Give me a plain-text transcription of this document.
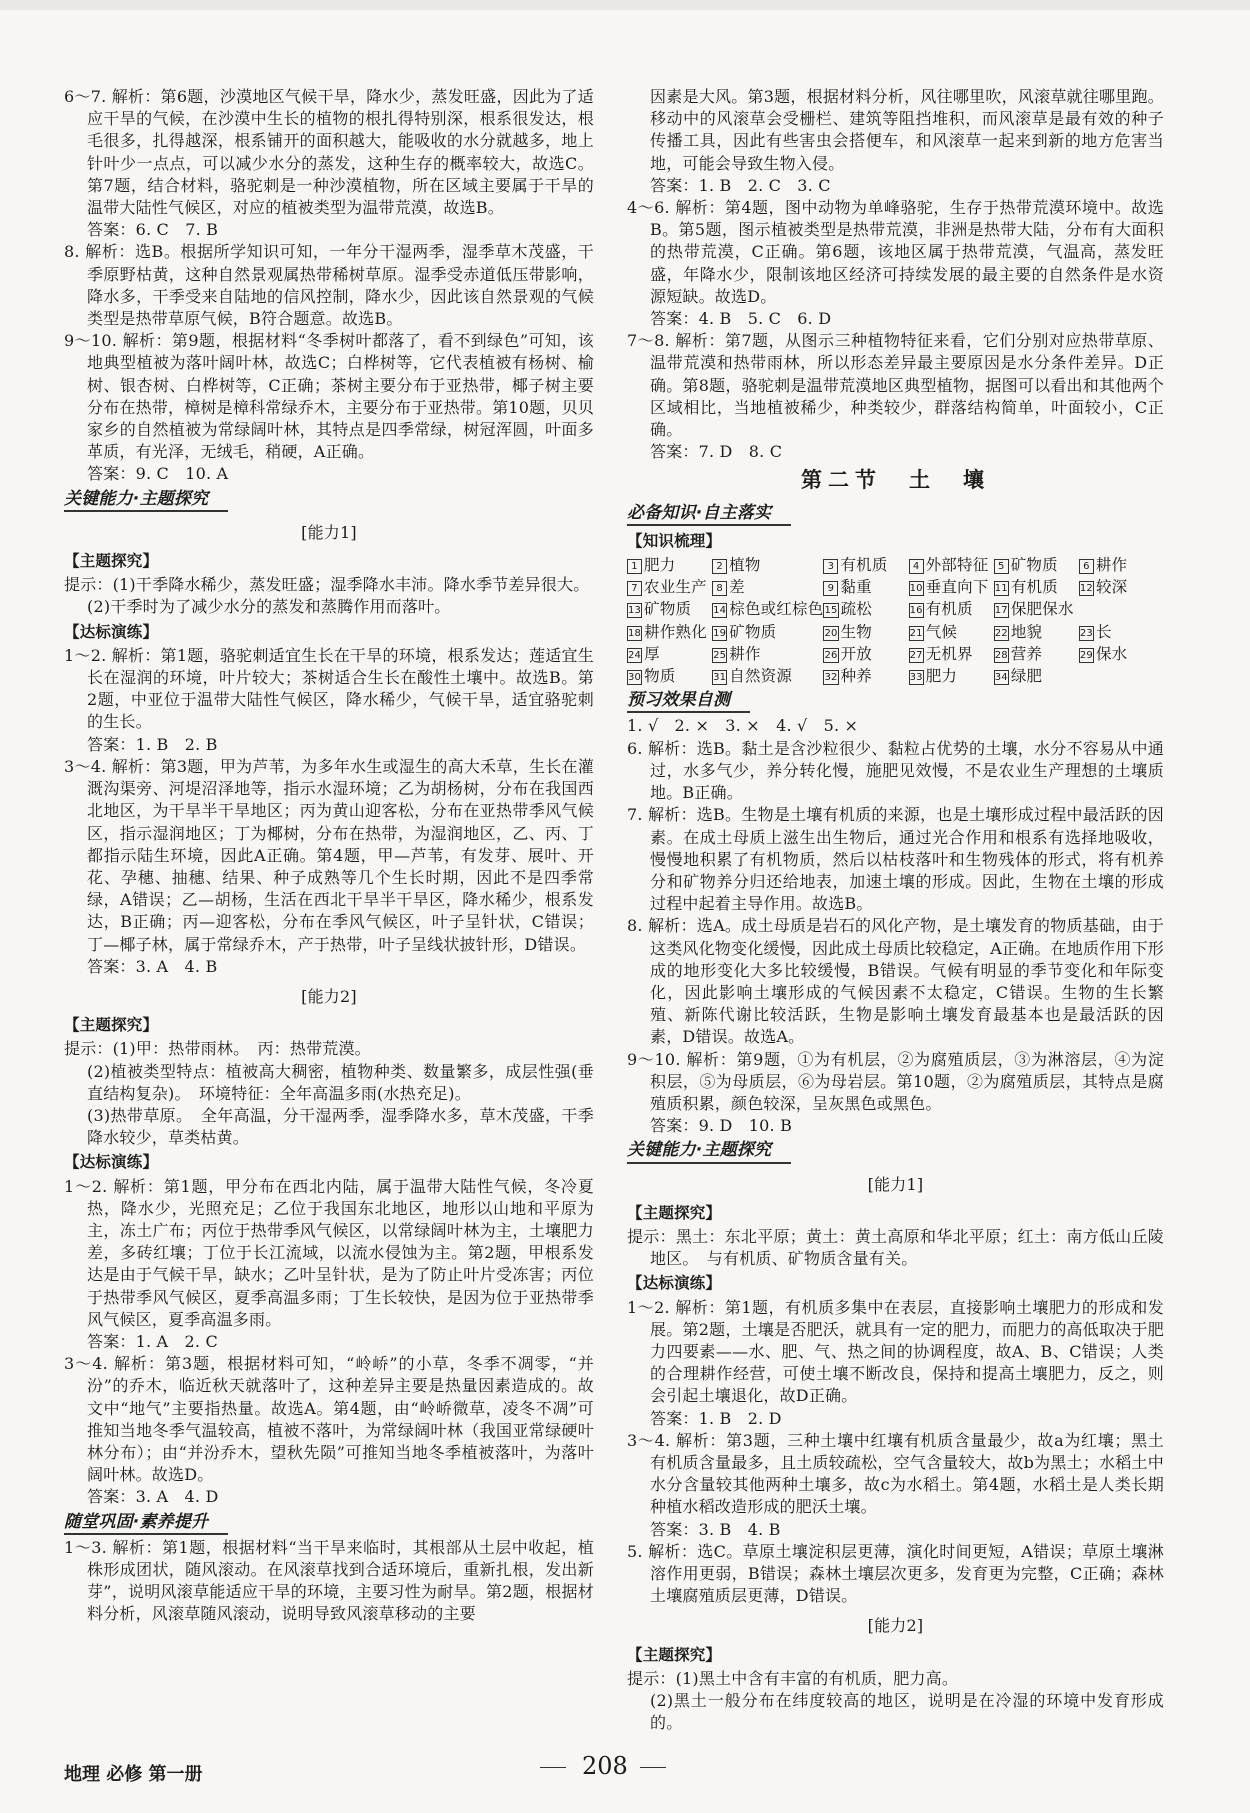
6～7. 解析：第6题，沙漠地区气候干旱，降水少，蒸发旺盛，因此为了适应干旱的气候，在沙漠中生长的植物的根扎得特别深，根系很发达，根毛很多，扎得越深，根系铺开的面积越大，能吸收的水分就越多，地上针叶少一点点，可以减少水分的蒸发，这种生存的概率较大，故选C。第7题，结合材料，骆驼刺是一种沙漠植物，所在区域主要属于干旱的温带大陆性气候区，对应的植被类型为温带荒漠，故选B。
答案：6. C　7. B
8. 解析：选B。根据所学知识可知，一年分干湿两季，湿季草木茂盛，干季原野枯黄，这种自然景观属热带稀树草原。湿季受赤道低压带影响，降水多，干季受来自陆地的信风控制，降水少，因此该自然景观的气候类型是热带草原气候，B符合题意。故选B。
9～10. 解析：第9题，根据材料“冬季树叶都落了，看不到绿色”可知，该地典型植被为落叶阔叶林，故选C；白桦树等，它代表植被有杨树、榆树、银杏树、白桦树等，C正确；茶树主要分布于亚热带，椰子树主要分布在热带，樟树是樟科常绿乔木，主要分布于亚热带。第10题，贝贝家乡的自然植被为常绿阔叶林，其特点是四季常绿，树冠浑圆，叶面多革质，有光泽，无绒毛，稍硬，A正确。
答案：9. C　10. A
关键能力·主题探究
[能力1]
【主题探究】
提示：(1)干季降水稀少，蒸发旺盛；湿季降水丰沛。降水季节差异很大。
(2)干季时为了减少水分的蒸发和蒸腾作用而落叶。
【达标演练】
1～2. 解析：第1题，骆驼刺适宜生长在干旱的环境，根系发达；莲适宜生长在湿润的环境，叶片较大；茶树适合生长在酸性土壤中。故选B。第2题，中亚位于温带大陆性气候区，降水稀少，气候干旱，适宜骆驼刺的生长。
答案：1. B　2. B
3～4. 解析：第3题，甲为芦苇，为多年水生或湿生的高大禾草，生长在灌溉沟渠旁、河堤沼泽地等，指示水湿环境；乙为胡杨树，分布在我国西北地区，为干旱半干旱地区；丙为黄山迎客松，分布在亚热带季风气候区，指示湿润地区；丁为椰树，分布在热带，为湿润地区，乙、丙、丁都指示陆生环境，因此A正确。第4题，甲—芦苇，有发芽、展叶、开花、孕穗、抽穗、结果、种子成熟等几个生长时期，因此不是四季常绿，A错误；乙—胡杨，生活在西北干旱半干旱区，降水稀少，根系发达，B正确；丙—迎客松，分布在季风气候区，叶子呈针状，C错误；丁—椰子林，属于常绿乔木，产于热带，叶子呈线状披针形，D错误。
答案：3. A　4. B
[能力2]
【主题探究】
提示：(1)甲：热带雨林。　丙：热带荒漠。
(2)植被类型特点：植被高大稠密，植物种类、数量繁多，成层性强(垂直结构复杂)。　环境特征：全年高温多雨(水热充足)。
(3)热带草原。　全年高温，分干湿两季，湿季降水多，草木茂盛，干季降水较少，草类枯黄。
【达标演练】
1～2. 解析：第1题，甲分布在西北内陆，属于温带大陆性气候，冬冷夏热，降水少，光照充足；乙位于我国东北地区，地形以山地和平原为主，冻土广布；丙位于热带季风气候区，以常绿阔叶林为主，土壤肥力差，多砖红壤；丁位于长江流域，以流水侵蚀为主。第2题，甲根系发达是由于气候干旱，缺水；乙叶呈针状，是为了防止叶片受冻害；丙位于热带季风气候区，夏季高温多雨；丁生长较快，是因为位于亚热带季风气候区，夏季高温多雨。
答案：1. A　2. C
3～4. 解析：第3题，根据材料可知，“岭峤”的小草，冬季不凋零，“并汾”的乔木，临近秋天就落叶了，这种差异主要是热量因素造成的。故文中“地气”主要指热量。故选A。第4题，由“岭峤微草，凌冬不凋”可推知当地冬季气温较高，植被不落叶，为常绿阔叶林（我国亚常绿硬叶林分布）；由“并汾乔木，望秋先陨”可推知当地冬季植被落叶，为落叶阔叶林。故选D。
答案：3. A　4. D
随堂巩固·素养提升
1～3. 解析：第1题，根据材料“当干旱来临时，其根部从土层中收起，植株形成团状，随风滚动。在风滚草找到合适环境后，重新扎根，发出新芽”，说明风滚草能适应干旱的环境，主要习性为耐旱。第2题，根据材料分析，风滚草随风滚动，说明导致风滚草移动的主要
因素是大风。第3题，根据材料分析，风往哪里吹，风滚草就往哪里跑。移动中的风滚草会受栅栏、建筑等阻挡堆积，而风滚草是最有效的种子传播工具，因此有些害虫会搭便车，和风滚草一起来到新的地方危害当地，可能会导致生物入侵。
答案：1. B　2. C　3. C
4～6. 解析：第4题，图中动物为单峰骆驼，生存于热带荒漠环境中。故选B。第5题，图示植被类型是热带荒漠，非洲是热带大陆，分布有大面积的热带荒漠，C正确。第6题，该地区属于热带荒漠，气温高，蒸发旺盛，年降水少，限制该地区经济可持续发展的最主要的自然条件是水资源短缺。故选D。
答案：4. B　5. C　6. D
7～8. 解析：第7题，从图示三种植物特征来看，它们分别对应热带草原、温带荒漠和热带雨林，所以形态差异最主要原因是水分条件差异。D正确。第8题，骆驼刺是温带荒漠地区典型植物，据图可以看出和其他两个区域相比，当地植被稀少，种类较少，群落结构简单，叶面较小，C正确。
答案：7. D　8. C
第二节　土　壤
必备知识·自主落实
【知识梳理】
1 肥力	2 植物	3 有机质	4 外部特征 5 矿物质	6 耕作
7 农业生产 8 差	9 黏重	10 垂直向下 11 有机质	12 较深
13 矿物质	14 棕色或红棕色 15 疏松	16 有机质	17 保肥保水
18 耕作熟化 19 矿物质	20 生物	21 气候	22 地貌	23 长
24 厚	25 耕作	26 开放	27 无机界	28 营养	29 保水
30 物质	31 自然资源	32 种养	33 肥力	34 绿肥
预习效果自测
1. √　2. ×　3. ×　4. √　5. ×
6. 解析：选B。黏土是含沙粒很少、黏粒占优势的土壤，水分不容易从中通过，水多气少，养分转化慢，施肥见效慢，不是农业生产理想的土壤质地。B正确。
7. 解析：选B。生物是土壤有机质的来源，也是土壤形成过程中最活跃的因素。在成土母质上滋生出生物后，通过光合作用和根系有选择地吸收，慢慢地积累了有机物质，然后以枯枝落叶和生物残体的形式，将有机养分和矿物养分归还给地表，加速土壤的形成。因此，生物在土壤的形成过程中起着主导作用。故选B。
8. 解析：选A。成土母质是岩石的风化产物，是土壤发育的物质基础，由于这类风化物变化缓慢，因此成土母质比较稳定，A正确。在地质作用下形成的地形变化大多比较缓慢，B错误。气候有明显的季节变化和年际变化，因此影响土壤形成的气候因素不太稳定，C错误。生物的生长繁殖、新陈代谢比较活跃，生物是影响土壤发育最基本也是最活跃的因素，D错误。故选A。
9～10. 解析：第9题，①为有机层，②为腐殖质层，③为淋溶层，④为淀积层，⑤为母质层，⑥为母岩层。第10题，②为腐殖质层，其特点是腐殖质积累，颜色较深，呈灰黑色或黑色。
答案：9. D　10. B
关键能力·主题探究
[能力1]
【主题探究】
提示：黑土：东北平原；黄土：黄土高原和华北平原；红土：南方低山丘陵地区。　与有机质、矿物质含量有关。
【达标演练】
1～2. 解析：第1题，有机质多集中在表层，直接影响土壤肥力的形成和发展。第2题，土壤是否肥沃，就具有一定的肥力，而肥力的高低取决于肥力四要素——水、肥、气、热之间的协调程度，故A、B、C错误；人类的合理耕作经营，可使土壤不断改良，保持和提高土壤肥力，反之，则会引起土壤退化，故D正确。
答案：1. B　2. D
3～4. 解析：第3题，三种土壤中红壤有机质含量最少，故a为红壤；黑土有机质含量最多，且土质较疏松，空气含量较大，故b为黑土；水稻土中水分含量较其他两种土壤多，故c为水稻土。第4题，水稻土是人类长期种植水稻改造形成的肥沃土壤。
答案：3. B　4. B
5. 解析：选C。草原土壤淀积层更薄，演化时间更短，A错误；草原土壤淋溶作用更弱，B错误；森林土壤层次更多，发育更为完整，C正确；森林土壤腐殖质层更薄，D错误。
[能力2]
【主题探究】
提示：(1)黑土中含有丰富的有机质，肥力高。
(2)黑土一般分布在纬度较高的地区，说明是在冷湿的环境中发育形成的。
地理 必修 第一册	208
